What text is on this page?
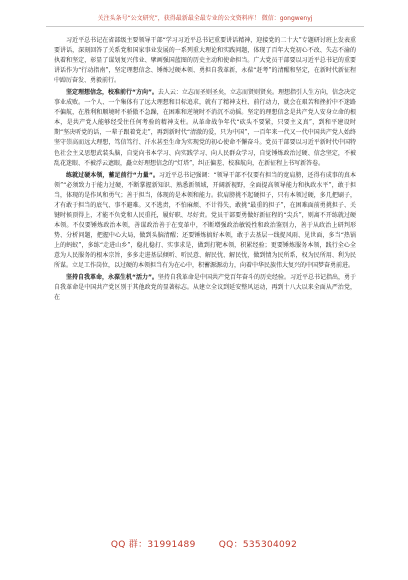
关注头条号“公文研究”，获得最新最全最专业的公文资料库！ 微信：gongwenyj

习近平总书记在省部级主要领导干部“学习习近平总书记重要讲话精神，迎接党的二十大”专题研讨班上发表重要讲话，深刻回答了关系党和国家事业发展的一系列重大理论和实践问题，体现了百年大党初心不改、失志不渝的执着和坚定，彰显了谋划复兴伟业、擘画强国蓝图的历史主动和使命担当。广大党员干部要以习近平总书记的重要讲话作为“行动指南”，坚定理想信念、锤炼过硬本领、勇担自我革新，永葆“赶考”的清醒和坚定，在新时代新征程中踔厉奋发、勇毅前行。

坚定理想信念，校准前行“方向”。去人云：立志而圣则圣矣，立志而贤则贤矣。理想指引人生方向，信念决定事业成败。一个人、一个集体有了远大理想和目标追求，就有了精神支柱、前行动力，就会在艰苦和挫折中不迷路不偏航，在胜利和顺境时不骄傲不急躁，在困难和逆境时不消沉不动摇。坚定的理想信念是共产党人安身立命的根本，是共产党人能够经受住任何考验的精神支柱。从革命战争年代“砍头不要紧，只要主义真”，到和平建设时期“坚决听党的话，一辈子跟着党走”，再到新时代“清澈的爱，只为中国”，一百年来一代又一代中国共产党人始终坚守崇高而远大理想，笃信笃行、汗水甚至生命为实现党的初心使命不懈奋斗。党员干部要以习近平新时代中国特色社会主义思想武装头脑，自觉向书本学习、向实践学习、向人民群众学习，自觉锤炼政治过硬、信念坚定，不被乱花迷眼、不被浮云遮眼，矗立好理想信念的“灯塔”，纠正偏差、校准航向，在新征程上书写新答卷。

练就过硬本领，蓄足前行“力量”。习近平总书记强调：“领导干部不仅要有担当的宽肩膀，还得有成事的真本领”“必须致力于能力过硬，不断掌握新知识、熟悉新领域，开阔新视野，全面提高领导能力和执政水平”，敢于担当，体现的是作风和勇气；善于担当，体现的是本领和能力。软肩膀挑不起硬担子，只有本领过硬，多几把刷子，才有敢于担当的底气、事不避难。又不逃责，不怕麻烦、不计得失，敢挑“最重的担子”，在困难面前勇挑担子、关键时候顶得上，才能不负党和人民重托，履好职、尽好责。党员干部要勇做好新征程的“尖兵”，则离不开练就过硬本领。不仅要锤炼政治本领，善谋政治善于在变革中，不断增强政治敏锐性和政治鉴别力，善于从政治上研判形势、分析问题，把握中心大局，做到头脑清醒；还要锤炼搞好本领，敢于去基层一线捉风雨、见世面，多当“热锅上的蚂蚁”，多练“走进山乡”，稳扎稳打、实事求是，做到打靶本领，积累经验；更要锤炼服务本领，践行全心全意为人民服务的根本宗旨，多多走进基层倾听、听民意、解民忧、解民忧，做到情为民所系，权为民所用、利为民所谋。立足工作岗位，以过硬的本领担当有为在心中，积蓄源源动力，向着中华民族伟大复兴的中国梦奋勇前进。

坚持自我革命，永葆生机“活力”。坚持自我革命是中国共产党百年奋斗的历史经验。习近平总书记指出，勇于自我革命是中国共产党区别于其他政党的显著标志。从建立全议到延安整风运动，再到十八大以来全面从严治党，在

QQ 群：31991489	QQ：535304092
